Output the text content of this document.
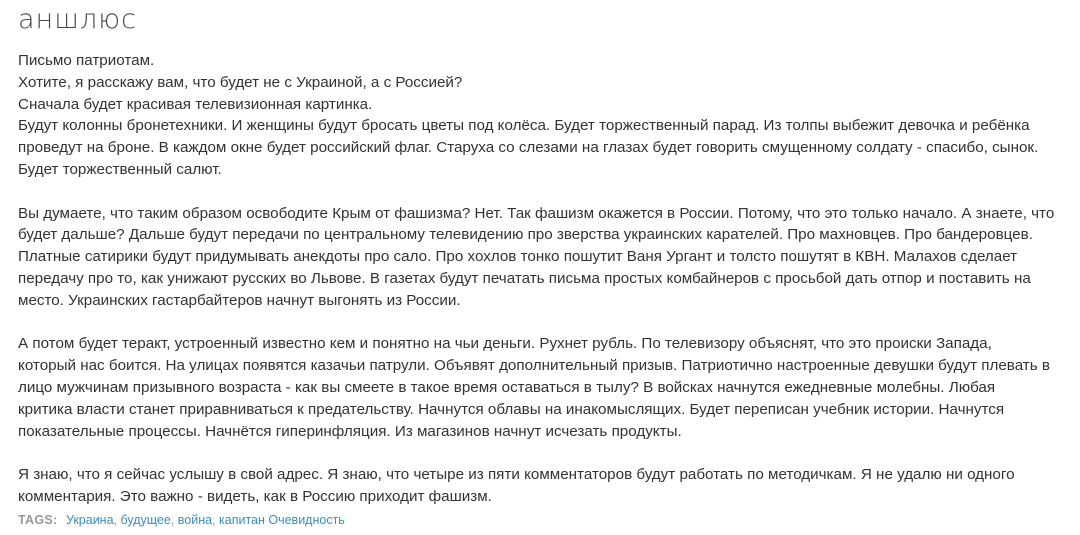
аншлюс

Письмо патриотам.
Хотите, я расскажу вам, что будет не с Украиной, а с Россией?
Сначала будет красивая телевизионная картинка.
Будут колонны бронетехники. И женщины будут бросать цветы под колёса. Будет торжественный парад. Из толпы выбежит девочка и ребёнка
проведут на броне. В каждом окне будет российский флаг. Старуха со слезами на глазах будет говорить смущенному солдату - спасибо, сынок.
Будет торжественный салют.

Вы думаете, что таким образом освободите Крым от фашизма? Нет. Так фашизм окажется в России. Потому, что это только начало. А знаете, что
будет дальше? Дальше будут передачи по центральному телевидению про зверства украинских карателей. Про махновцев. Про бандеровцев.
Платные сатирики будут придумывать анекдоты про сало. Про хохлов тонко пошутит Ваня Ургант и толсто пошутят в КВН. Малахов сделает
передачу про то, как унижают русских во Львове. В газетах будут печатать письма простых комбайнеров с просьбой дать отпор и поставить на
место. Украинских гастарбайтеров начнут выгонять из России.

А потом будет теракт, устроенный известно кем и понятно на чьи деньги. Рухнет рубль. По телевизору объяснят, что это происки Запада,
который нас боится. На улицах появятся казачьи патрули. Объявят дополнительный призыв. Патриотично настроенные девушки будут плевать в
лицо мужчинам призывного возраста - как вы смеете в такое время оставаться в тылу? В войсках начнутся ежедневные молебны. Любая
критика власти станет приравниваться к предательству. Начнутся облавы на инакомыслящих. Будет переписан учебник истории. Начнутся
показательные процессы. Начнётся гиперинфляция. Из магазинов начнут исчезать продукты.

Я знаю, что я сейчас услышу в свой адрес. Я знаю, что четыре из пяти комментаторов будут работать по методичкам. Я не удалю ни одного
комментария. Это важно - видеть, как в Россию приходит фашизм.

TAGS: Украина, будущее, война, капитан Очевидность
